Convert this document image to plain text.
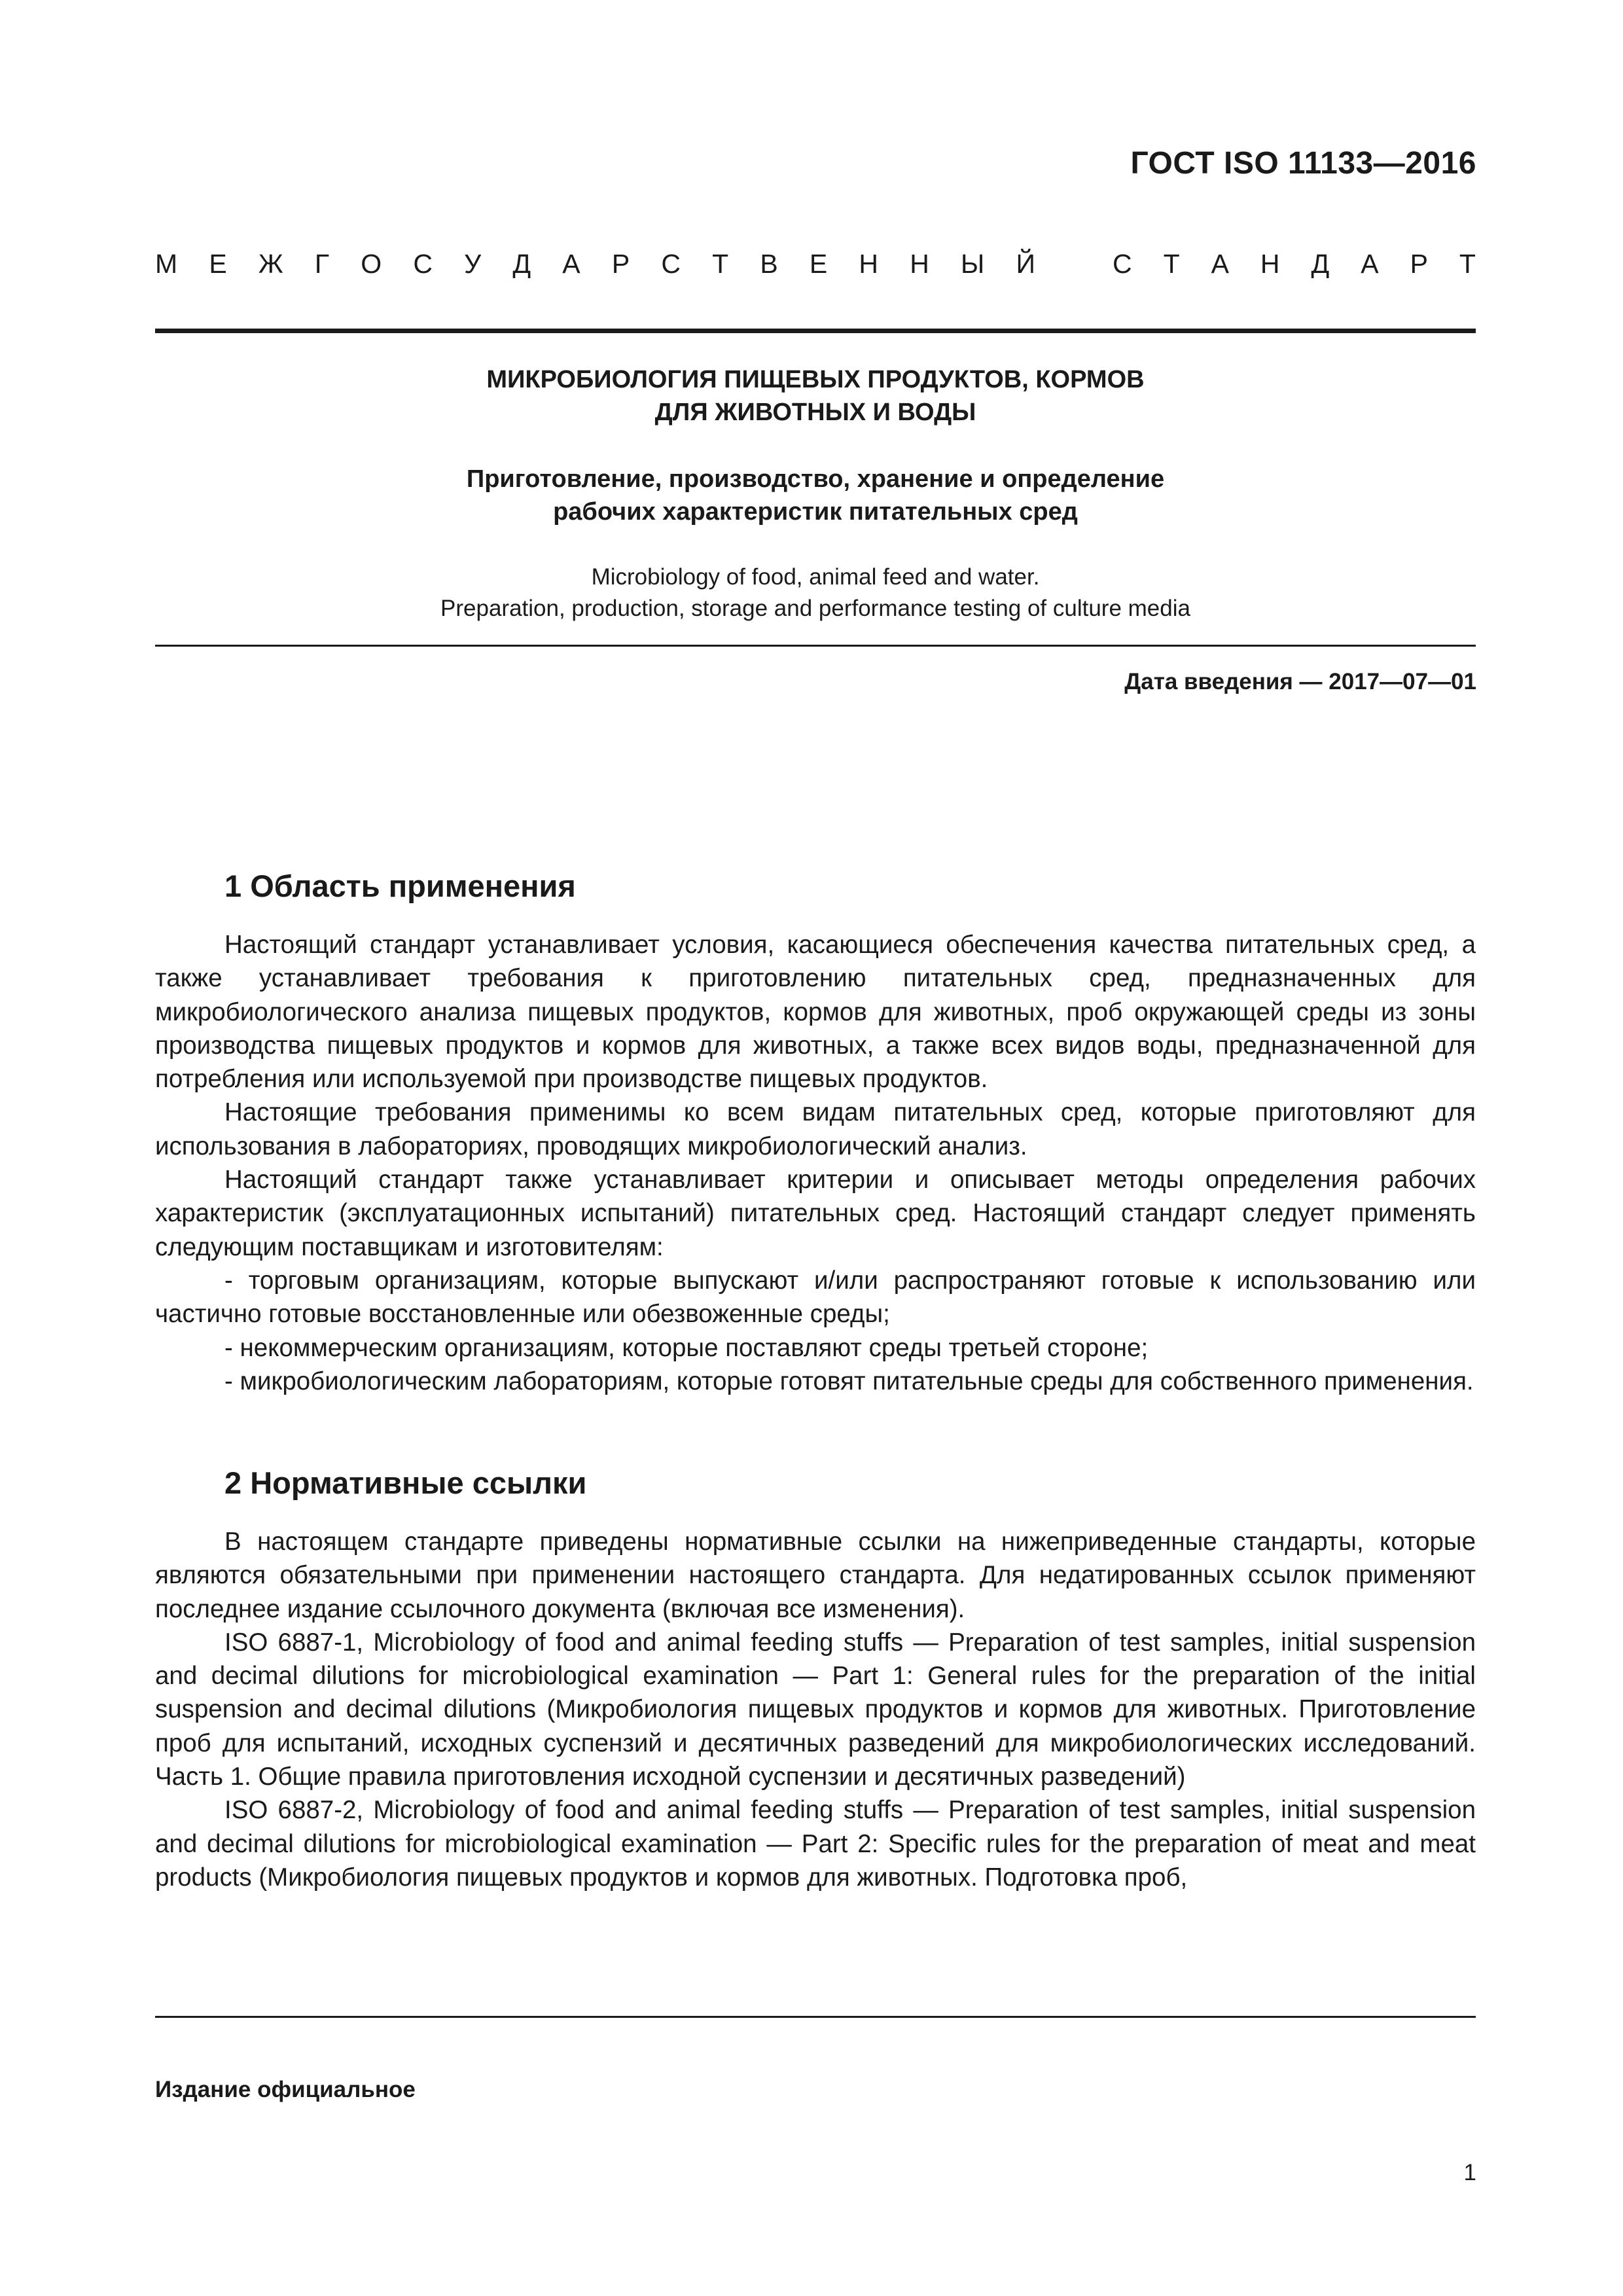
ГОСТ ISO 11133—2016
М Е Ж Г О С У Д А Р С Т В Е Н Н Ы Й	С Т А Н Д А Р Т
МИКРОБИОЛОГИЯ ПИЩЕВЫХ ПРОДУКТОВ, КОРМОВ
ДЛЯ ЖИВОТНЫХ И ВОДЫ
Приготовление, производство, хранение и определение
рабочих характеристик питательных сред
Microbiology of food, animal feed and water.
Preparation, production, storage and performance testing of culture media
Дата введения — 2017—07—01
1 Область применения

Настоящий стандарт устанавливает условия, касающиеся обеспечения качества питательных сред, а также устанавливает требования к приготовлению питательных сред, предназначенных для микробиологического анализа пищевых продуктов, кормов для животных, проб окружающей среды из зоны производства пищевых продуктов и кормов для животных, а также всех видов воды, предназначенной для потребления или используемой при производстве пищевых продуктов.

Настоящие требования применимы ко всем видам питательных сред, которые приготовляют для использования в лабораториях, проводящих микробиологический анализ.

Настоящий стандарт также устанавливает критерии и описывает методы определения рабочих характеристик (эксплуатационных испытаний) питательных сред. Настоящий стандарт следует применять следующим поставщикам и изготовителям:

- торговым организациям, которые выпускают и/или распространяют готовые к использованию или частично готовые восстановленные или обезвоженные среды;

- некоммерческим организациям, которые поставляют среды третьей стороне;

- микробиологическим лабораториям, которые готовят питательные среды для собственного применения.

2 Нормативные ссылки

В настоящем стандарте приведены нормативные ссылки на нижеприведенные стандарты, которые являются обязательными при применении настоящего стандарта. Для недатированных ссылок применяют последнее издание ссылочного документа (включая все изменения).

ISO 6887-1, Microbiology of food and animal feeding stuffs — Preparation of test samples, initial suspension and decimal dilutions for microbiological examination — Part 1: General rules for the preparation of the initial suspension and decimal dilutions (Микробиология пищевых продуктов и кормов для животных. Приготовление проб для испытаний, исходных суспензий и десятичных разведений для микробиологических исследований. Часть 1. Общие правила приготовления исходной суспензии и десятичных разведений)

ISO 6887-2, Microbiology of food and animal feeding stuffs — Preparation of test samples, initial suspension and decimal dilutions for microbiological examination — Part 2: Specific rules for the preparation of meat and meat products (Микробиология пищевых продуктов и кормов для животных. Подготовка проб,

Издание официальное
1
